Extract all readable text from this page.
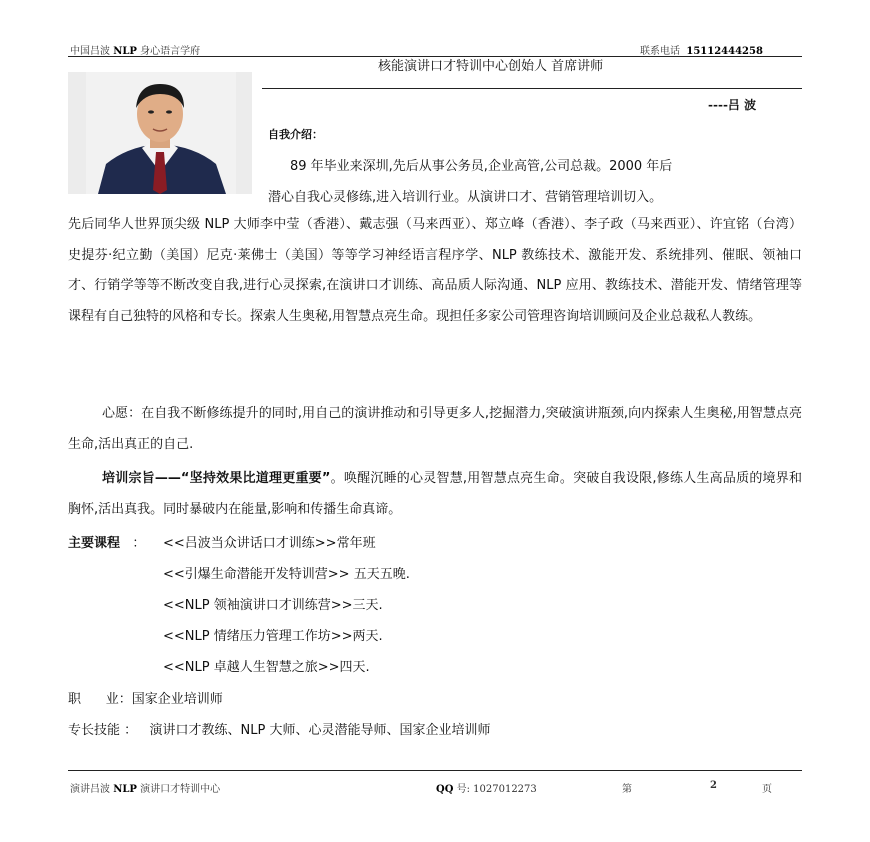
中国吕波 NLP 身心语言学府	联系电话 15112444258
核能演讲口才特训中心创始人 首席讲师
----吕 波
自我介绍：
89 年毕业来深圳,先后从事公务员,企业高管,公司总裁。2000 年后
潜心自我心灵修练,进入培训行业。从演讲口才、营销管理培训切入。
先后同华人世界顶尖级 NLP 大师李中莹（香港）、戴志强（马来西亚）、郑立峰（香港）、李子政（马来西亚）、许宜铭（台湾）史提芬·纪立勤（美国）尼克·莱佛士（美国）等等学习神经语言程序学、NLP 教练技术、激能开发、系统排列、催眠、领袖口才、行销学等等不断改变自我,进行心灵探索,在演讲口才训练、高品质人际沟通、NLP 应用、教练技术、潜能开发、情绪管理等课程有自己独特的风格和专长。探索人生奥秘,用智慧点亮生命。现担任多家公司管理咨询培训顾问及企业总裁私人教练。
心愿：在自我不断修练提升的同时,用自己的演讲推动和引导更多人,挖掘潜力,突破演讲瓶颈,向内探索人生奥秘,用智慧点亮生命,活出真正的自己.
培训宗旨——“坚持效果比道理更重要”。唤醒沉睡的心灵智慧,用智慧点亮生命。突破自我设限,修练人生高品质的境界和胸怀,活出真我。同时暴破内在能量,影响和传播生命真谛。
主要课程 ： <<吕波当众讲话口才训练>>常年班
<<引爆生命潜能开发特训营>> 五天五晚.
<<NLP 领袖演讲口才训练营>>三天.
<<NLP 情绪压力管理工作坊>>两天.
<<NLP 卓越人生智慧之旅>>四天.
职      业：国家企业培训师
专长技能 ： 演讲口才教练、NLP 大师、心灵潜能导师、国家企业培训师
演讲吕波 NLP 演讲口才特训中心	QQ 号: 1027012273	第	2	页
